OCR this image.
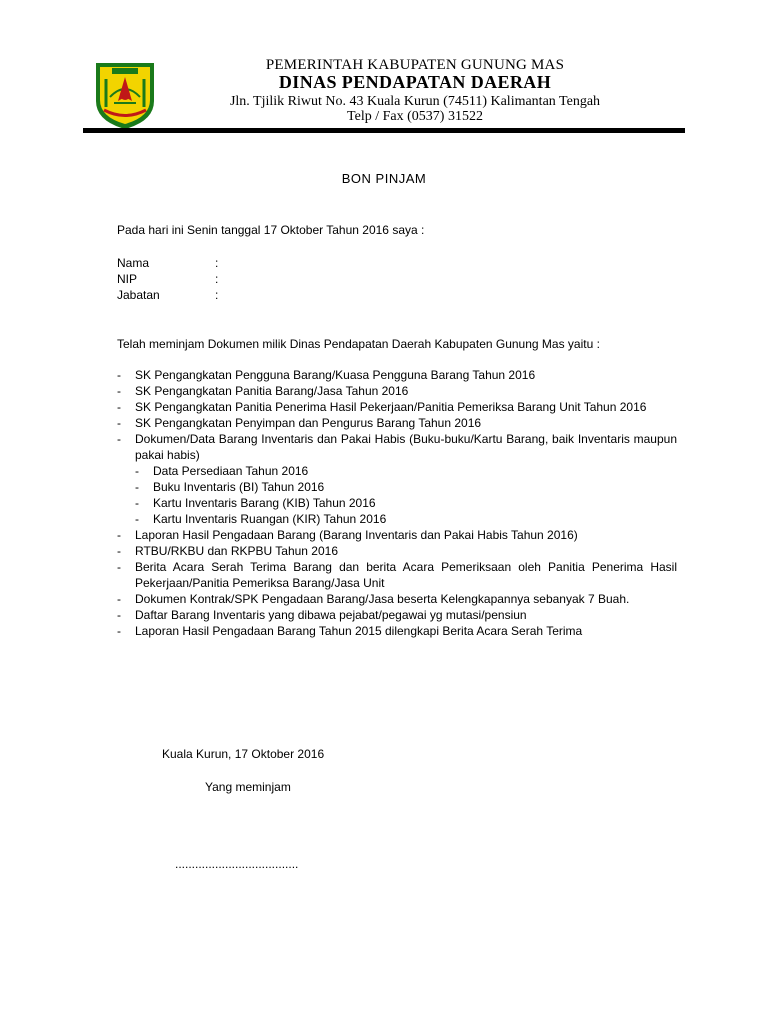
PEMERINTAH KABUPATEN GUNUNG MAS
DINAS PENDAPATAN DAERAH
Jln. Tjilik Riwut No. 43 Kuala Kurun (74511) Kalimantan Tengah
Telp / Fax (0537) 31522
BON PINJAM
Pada hari ini Senin tanggal 17 Oktober Tahun 2016 saya :
Nama	:
NIP	:
Jabatan	:
Telah meminjam Dokumen milik Dinas Pendapatan Daerah Kabupaten Gunung Mas yaitu :
- SK Pengangkatan Pengguna Barang/Kuasa Pengguna Barang Tahun 2016
- SK Pengangkatan Panitia Barang/Jasa Tahun 2016
- SK Pengangkatan Panitia Penerima Hasil Pekerjaan/Panitia Pemeriksa Barang Unit Tahun 2016
- SK Pengangkatan Penyimpan dan Pengurus Barang Tahun 2016
- Dokumen/Data Barang Inventaris dan Pakai Habis (Buku-buku/Kartu Barang, baik Inventaris maupun pakai habis)
- Data Persediaan Tahun 2016
- Buku Inventaris (BI) Tahun 2016
- Kartu Inventaris Barang (KIB) Tahun 2016
- Kartu Inventaris Ruangan (KIR) Tahun 2016
- Laporan Hasil Pengadaan Barang (Barang Inventaris dan Pakai Habis Tahun 2016)
- RTBU/RKBU dan RKPBU Tahun 2016
- Berita Acara Serah Terima Barang dan berita Acara Pemeriksaan oleh Panitia Penerima Hasil Pekerjaan/Panitia Pemeriksa Barang/Jasa Unit
- Dokumen Kontrak/SPK Pengadaan Barang/Jasa beserta Kelengkapannya sebanyak 7 Buah.
- Daftar Barang Inventaris yang dibawa pejabat/pegawai yg mutasi/pensiun
- Laporan Hasil Pengadaan Barang Tahun 2015 dilengkapi Berita Acara Serah Terima
Kuala Kurun, 17 Oktober 2016
Yang meminjam
.....................................
